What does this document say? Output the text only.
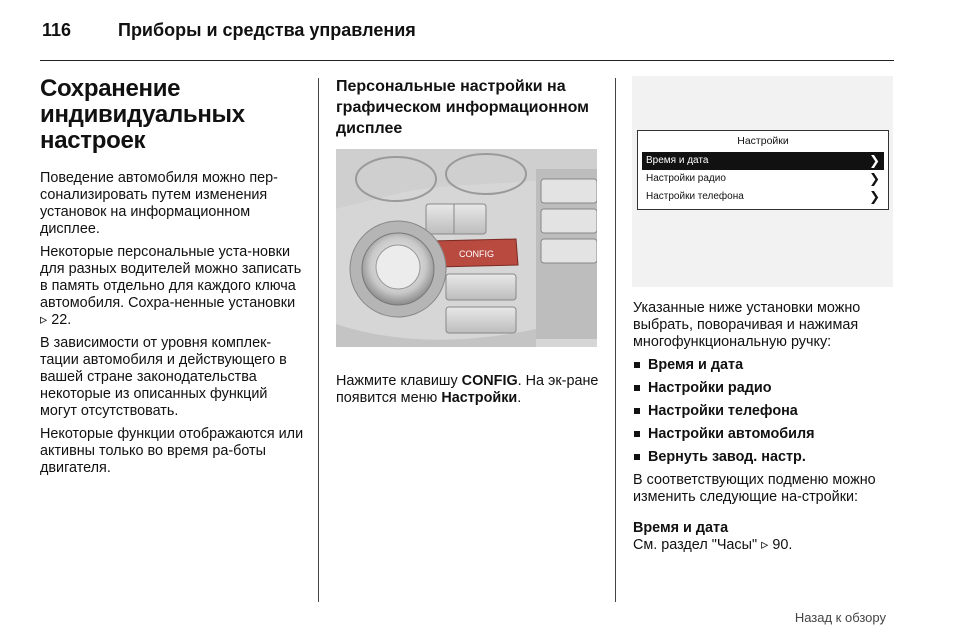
116	Приборы и средства управления
Сохранение индивидуальных настроек

Поведение автомобиля можно пер-сонализировать путем изменения установок на информационном дисплее.

Некоторые персональные уста-новки для разных водителей можно записать в память отдельно для каждого ключа автомобиля. Сохра-ненные установки ▹ 22.

В зависимости от уровня комплек-тации автомобиля и действующего в вашей стране законодательства некоторые из описанных функций могут отсутствовать.

Некоторые функции отображаются или активны только во время ра-боты двигателя.

Персональные настройки на графическом информационном дисплее
CONFIG

Нажмите клавишу CONFIG. На эк-ране появится меню Настройки.

Настройки
Время и дата	❯
Настройки радио	❯
Настройки телефона	❯

Указанные ниже установки можно выбрать, поворачивая и нажимая многофункциональную ручку:

Время и дата
Настройки радио
Настройки телефона
Настройки автомобиля
Вернуть завод. настр.

В соответствующих подменю можно изменить следующие на-стройки:

Время и дата

См. раздел "Часы" ▹ 90.

Назад к обзору
